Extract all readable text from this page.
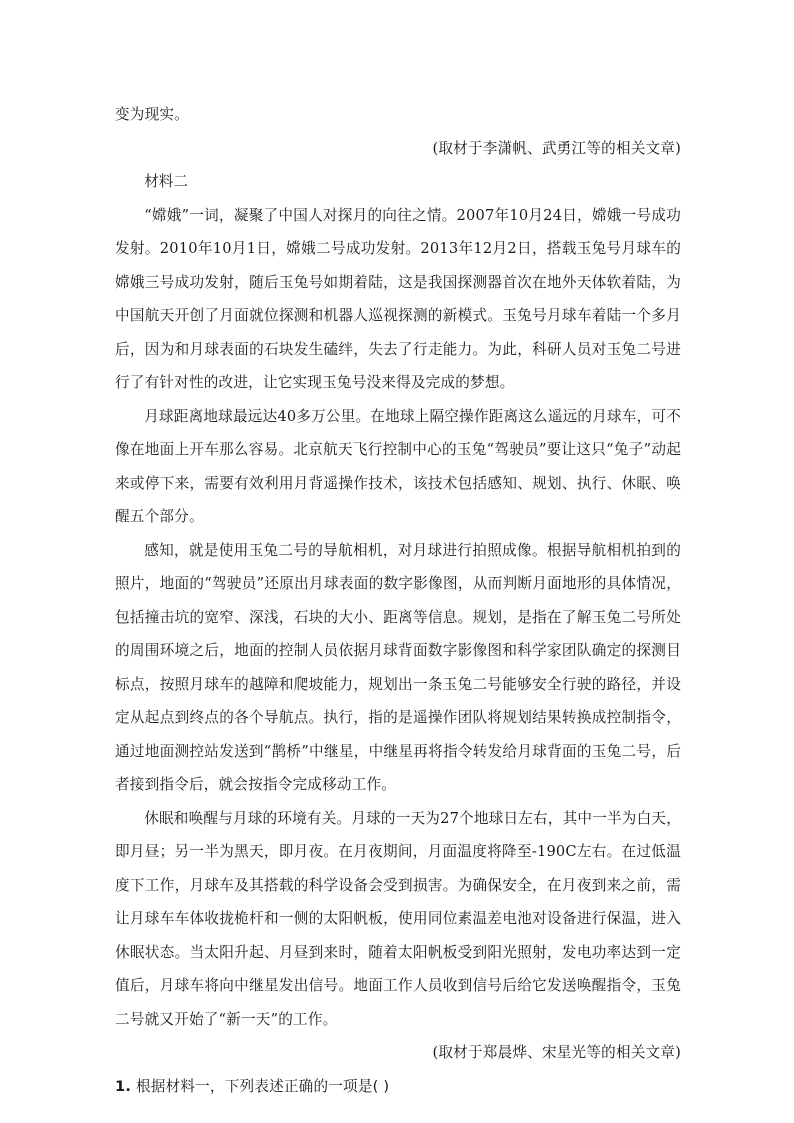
变为现实。

(取材于李潇帆、武勇江等的相关文章)

材料二

“嫦娥”一词，凝聚了中国人对探月的向往之情。2007年10月24日，嫦娥一号成功发射。2010年10月1日，嫦娥二号成功发射。2013年12月2日，搭载玉兔号月球车的嫦娥三号成功发射，随后玉兔号如期着陆，这是我国探测器首次在地外天体软着陆，为中国航天开创了月面就位探测和机器人巡视探测的新模式。玉兔号月球车着陆一个多月后，因为和月球表面的石块发生磕绊，失去了行走能力。为此，科研人员对玉兔二号进行了有针对性的改进，让它实现玉兔号没来得及完成的梦想。

月球距离地球最远达40多万公里。在地球上隔空操作距离这么遥远的月球车，可不像在地面上开车那么容易。北京航天飞行控制中心的玉兔“驾驶员”要让这只“兔子”动起来或停下来，需要有效利用月背遥操作技术，该技术包括感知、规划、执行、休眠、唤醒五个部分。

感知，就是使用玉兔二号的导航相机，对月球进行拍照成像。根据导航相机拍到的照片，地面的“驾驶员”还原出月球表面的数字影像图，从而判断月面地形的具体情况，包括撞击坑的宽窄、深浅，石块的大小、距离等信息。规划，是指在了解玉兔二号所处的周围环境之后，地面的控制人员依据月球背面数字影像图和科学家团队确定的探测目标点，按照月球车的越障和爬坡能力，规划出一条玉兔二号能够安全行驶的路径，并设定从起点到终点的各个导航点。执行，指的是遥操作团队将规划结果转换成控制指令，通过地面测控站发送到“鹊桥”中继星，中继星再将指令转发给月球背面的玉兔二号，后者接到指令后，就会按指令完成移动工作。

休眠和唤醒与月球的环境有关。月球的一天为27个地球日左右，其中一半为白天，即月昼；另一半为黑天，即月夜。在月夜期间，月面温度将降至-190C左右。在过低温度下工作，月球车及其搭载的科学设备会受到损害。为确保安全，在月夜到来之前，需让月球车车体收拢桅杆和一侧的太阳帆板，使用同位素温差电池对设备进行保温，进入休眠状态。当太阳升起、月昼到来时，随着太阳帆板受到阳光照射，发电功率达到一定值后，月球车将向中继星发出信号。地面工作人员收到信号后给它发送唤醒指令，玉兔二号就又开始了“新一天”的工作。

(取材于郑晨烨、宋星光等的相关文章)

1. 根据材料一，下列表述正确的一项是( )
